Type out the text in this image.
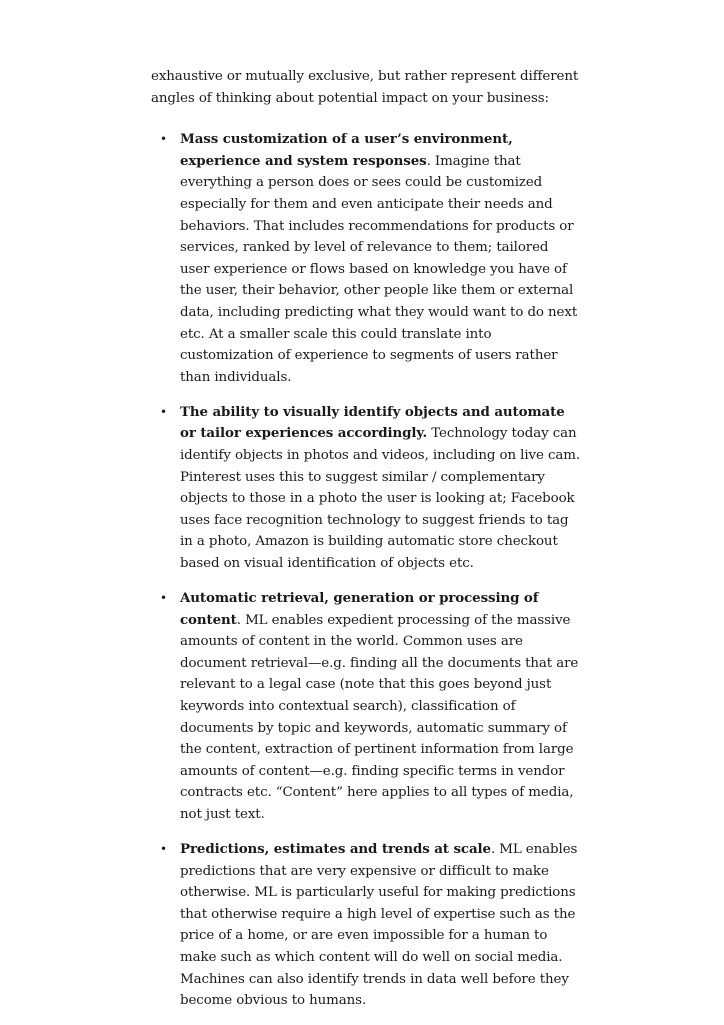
exhaustive or mutually exclusive, but rather represent different angles of thinking about potential impact on your business:

• Mass customization of a user’s environment, experience and system responses. Imagine that everything a person does or sees could be customized especially for them and even anticipate their needs and behaviors. That includes recommendations for products or services, ranked by level of relevance to them; tailored user experience or flows based on knowledge you have of the user, their behavior, other people like them or external data, including predicting what they would want to do next etc. At a smaller scale this could translate into customization of experience to segments of users rather than individuals.
• The ability to visually identify objects and automate or tailor experiences accordingly. Technology today can identify objects in photos and videos, including on live cam. Pinterest uses this to suggest similar / complementary objects to those in a photo the user is looking at; Facebook uses face recognition technology to suggest friends to tag in a photo, Amazon is building automatic store checkout based on visual identification of objects etc.
• Automatic retrieval, generation or processing of content. ML enables expedient processing of the massive amounts of content in the world. Common uses are document retrieval—e.g. finding all the documents that are relevant to a legal case (note that this goes beyond just keywords into contextual search), classification of documents by topic and keywords, automatic summary of the content, extraction of pertinent information from large amounts of content—e.g. finding specific terms in vendor contracts etc. “Content” here applies to all types of media, not just text.
• Predictions, estimates and trends at scale. ML enables predictions that are very expensive or difficult to make otherwise. ML is particularly useful for making predictions that otherwise require a high level of expertise such as the price of a home, or are even impossible for a human to make such as which content will do well on social media. Machines can also identify trends in data well before they become obvious to humans.
